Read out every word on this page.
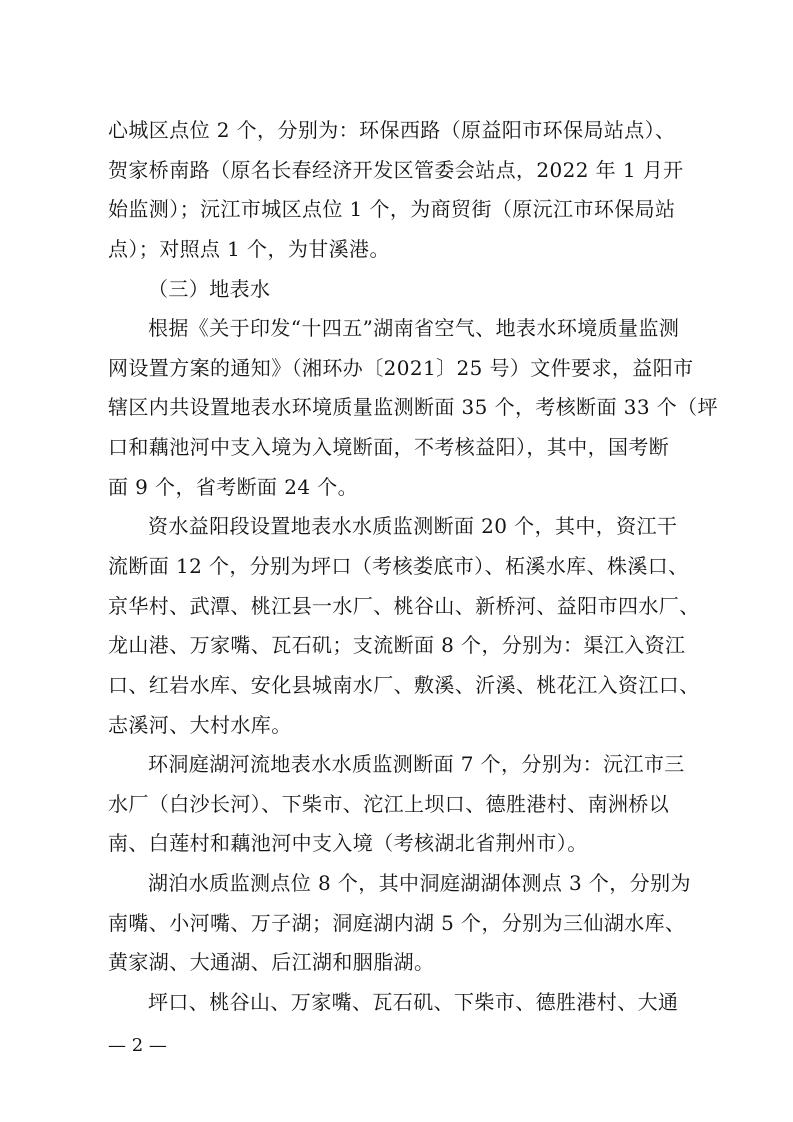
心城区点位 2 个，分别为：环保西路（原益阳市环保局站点）、
贺家桥南路（原名长春经济开发区管委会站点，2022 年 1 月开
始监测）；沅江市城区点位 1 个，为商贸街（原沅江市环保局站
点）；对照点 1 个，为甘溪港。
（三）地表水
根据《关于印发“十四五”湖南省空气、地表水环境质量监测
网设置方案的通知》（湘环办〔2021〕25 号）文件要求，益阳市
辖区内共设置地表水环境质量监测断面 35 个，考核断面 33 个（坪
口和藕池河中支入境为入境断面，不考核益阳），其中，国考断
面 9 个，省考断面 24 个。
资水益阳段设置地表水水质监测断面 20 个，其中，资江干
流断面 12 个，分别为坪口（考核娄底市）、柘溪水库、株溪口、
京华村、武潭、桃江县一水厂、桃谷山、新桥河、益阳市四水厂、
龙山港、万家嘴、瓦石矶；支流断面 8 个，分别为：渠江入资江
口、红岩水库、安化县城南水厂、敷溪、沂溪、桃花江入资江口、
志溪河、大村水库。
环洞庭湖河流地表水水质监测断面 7 个，分别为：沅江市三
水厂（白沙长河）、下柴市、沱江上坝口、德胜港村、南洲桥以
南、白莲村和藕池河中支入境（考核湖北省荆州市）。
湖泊水质监测点位 8 个，其中洞庭湖湖体测点 3 个，分别为
南嘴、小河嘴、万子湖；洞庭湖内湖 5 个，分别为三仙湖水库、
黄家湖、大通湖、后江湖和胭脂湖。
坪口、桃谷山、万家嘴、瓦石矶、下柴市、德胜港村、大通
— 2 —
